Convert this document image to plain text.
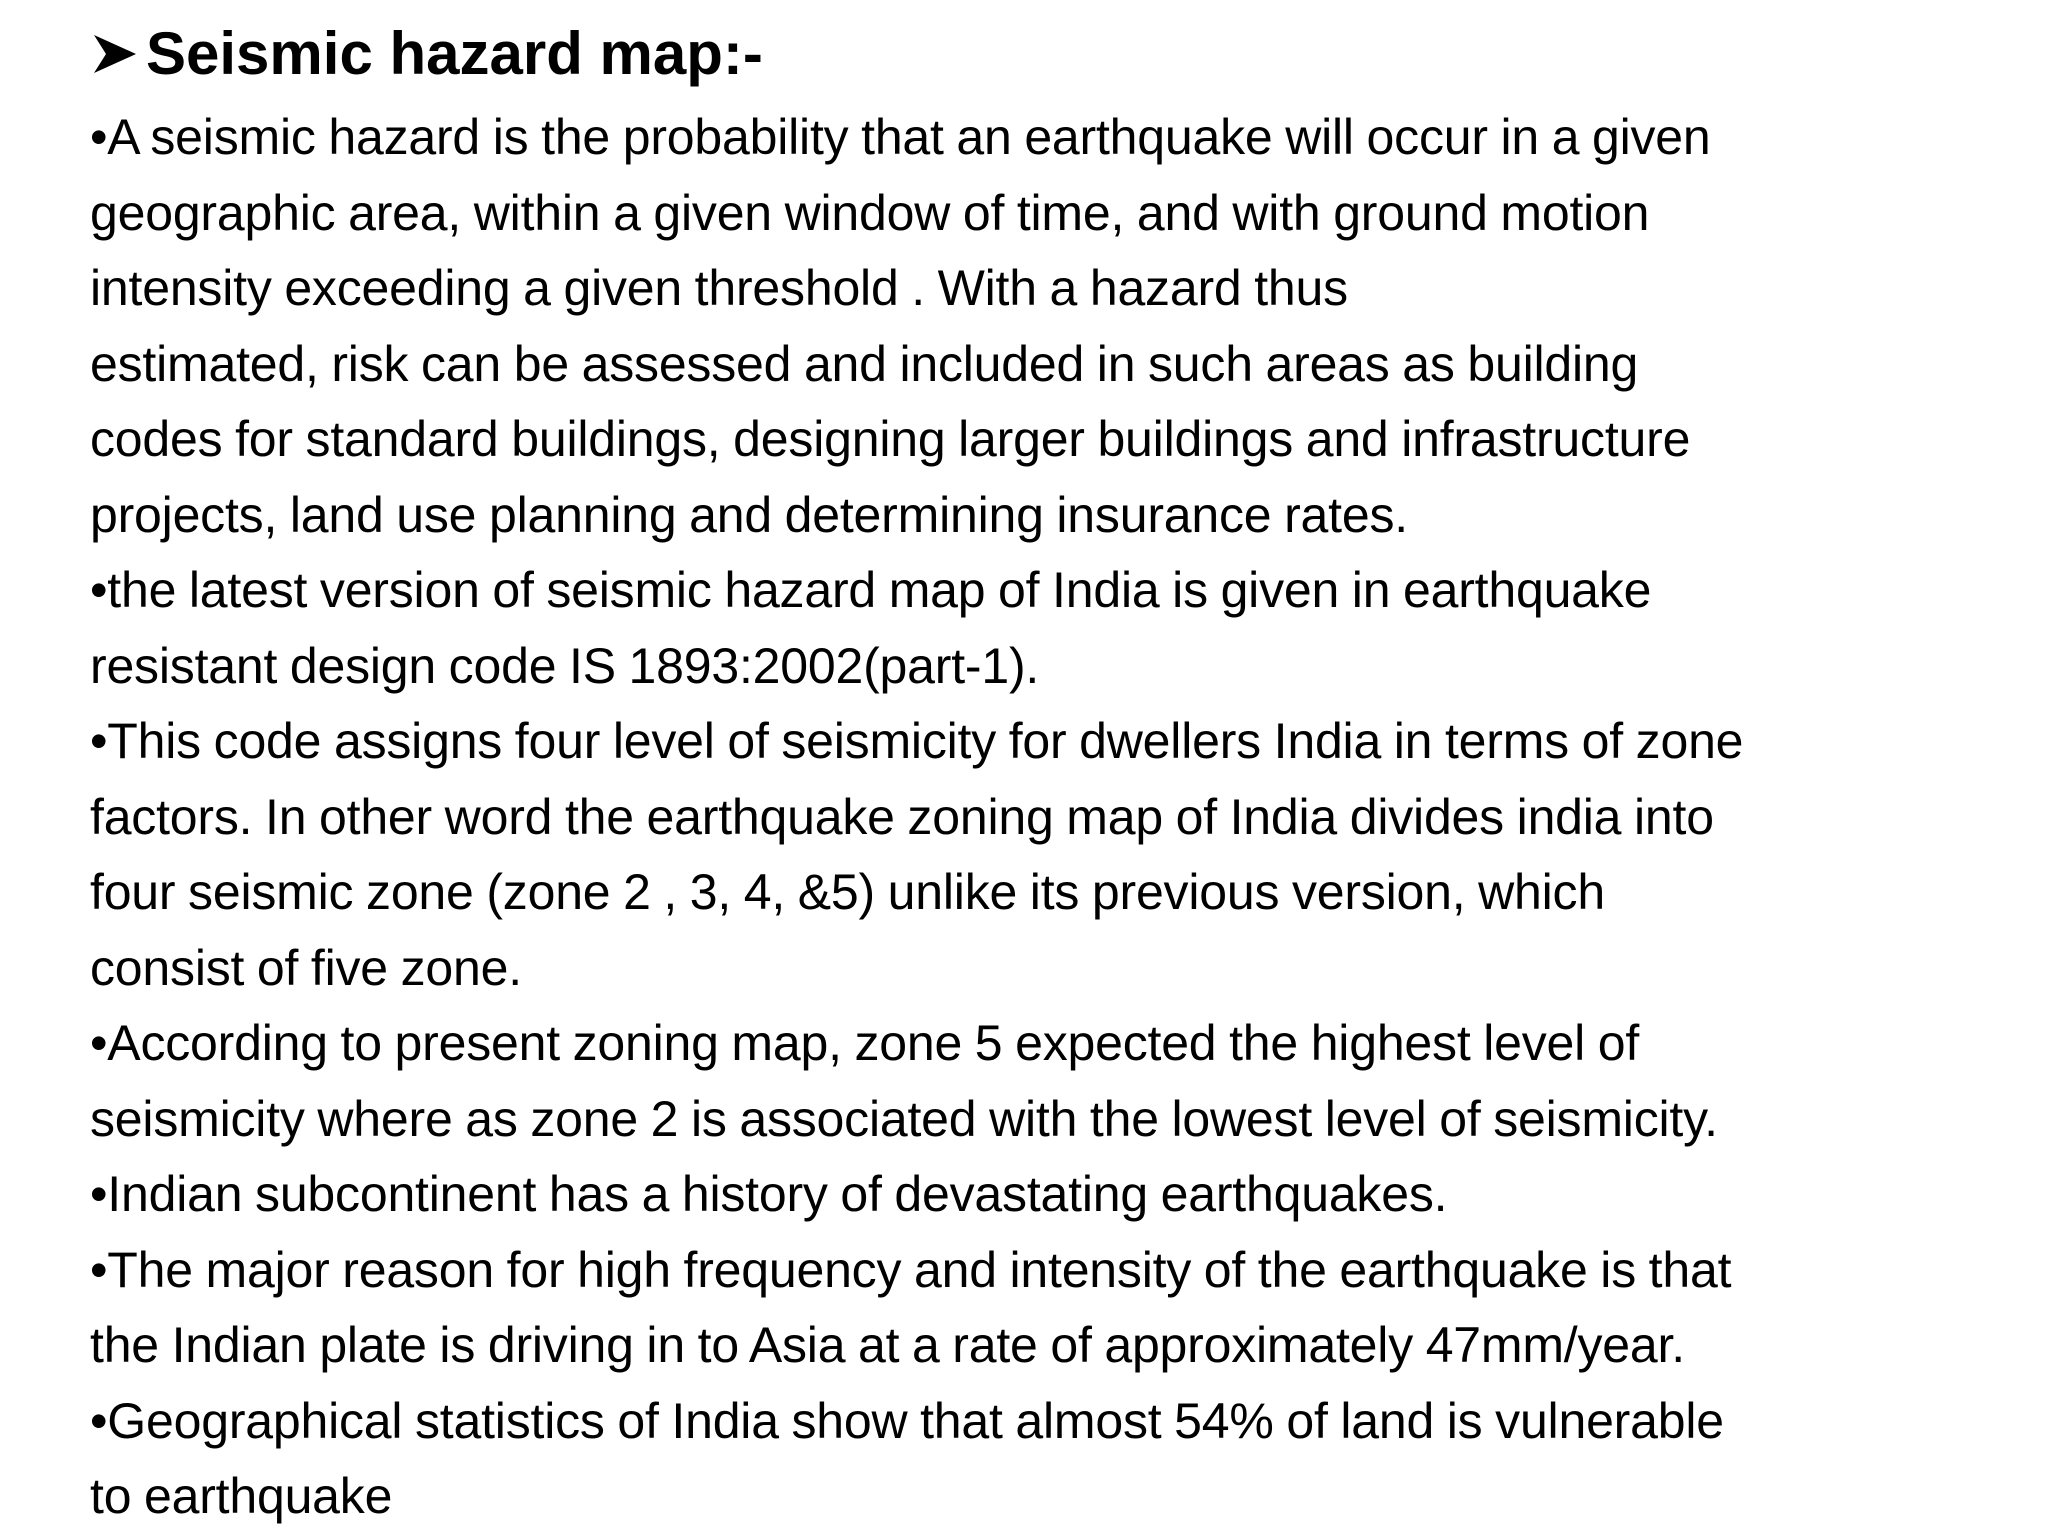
Seismic hazard map:-
•A seismic hazard is the probability that an earthquake will occur in a given
geographic area, within a given window of time, and with ground motion
intensity exceeding a given threshold . With a hazard thus
estimated, risk can be assessed and included in such areas as building
codes for standard buildings, designing larger buildings and infrastructure
projects, land use planning and determining insurance rates.
•the latest version of seismic hazard map of India is given in earthquake
resistant design code IS 1893:2002(part-1).
•This code assigns four level of seismicity for dwellers India in terms of zone
factors. In other word the earthquake zoning map of India divides india into
four seismic zone (zone 2 , 3, 4, &5) unlike its previous version, which
consist of five zone.
•According to present zoning map, zone 5 expected the highest level of
seismicity where as zone 2 is associated with the lowest level of seismicity.
•Indian subcontinent has a history of devastating earthquakes.
•The major reason for high frequency and intensity of the earthquake is that
the Indian plate is driving in to Asia at a rate of approximately 47mm/year.
•Geographical statistics of India show that almost 54% of land is vulnerable
to earthquake
